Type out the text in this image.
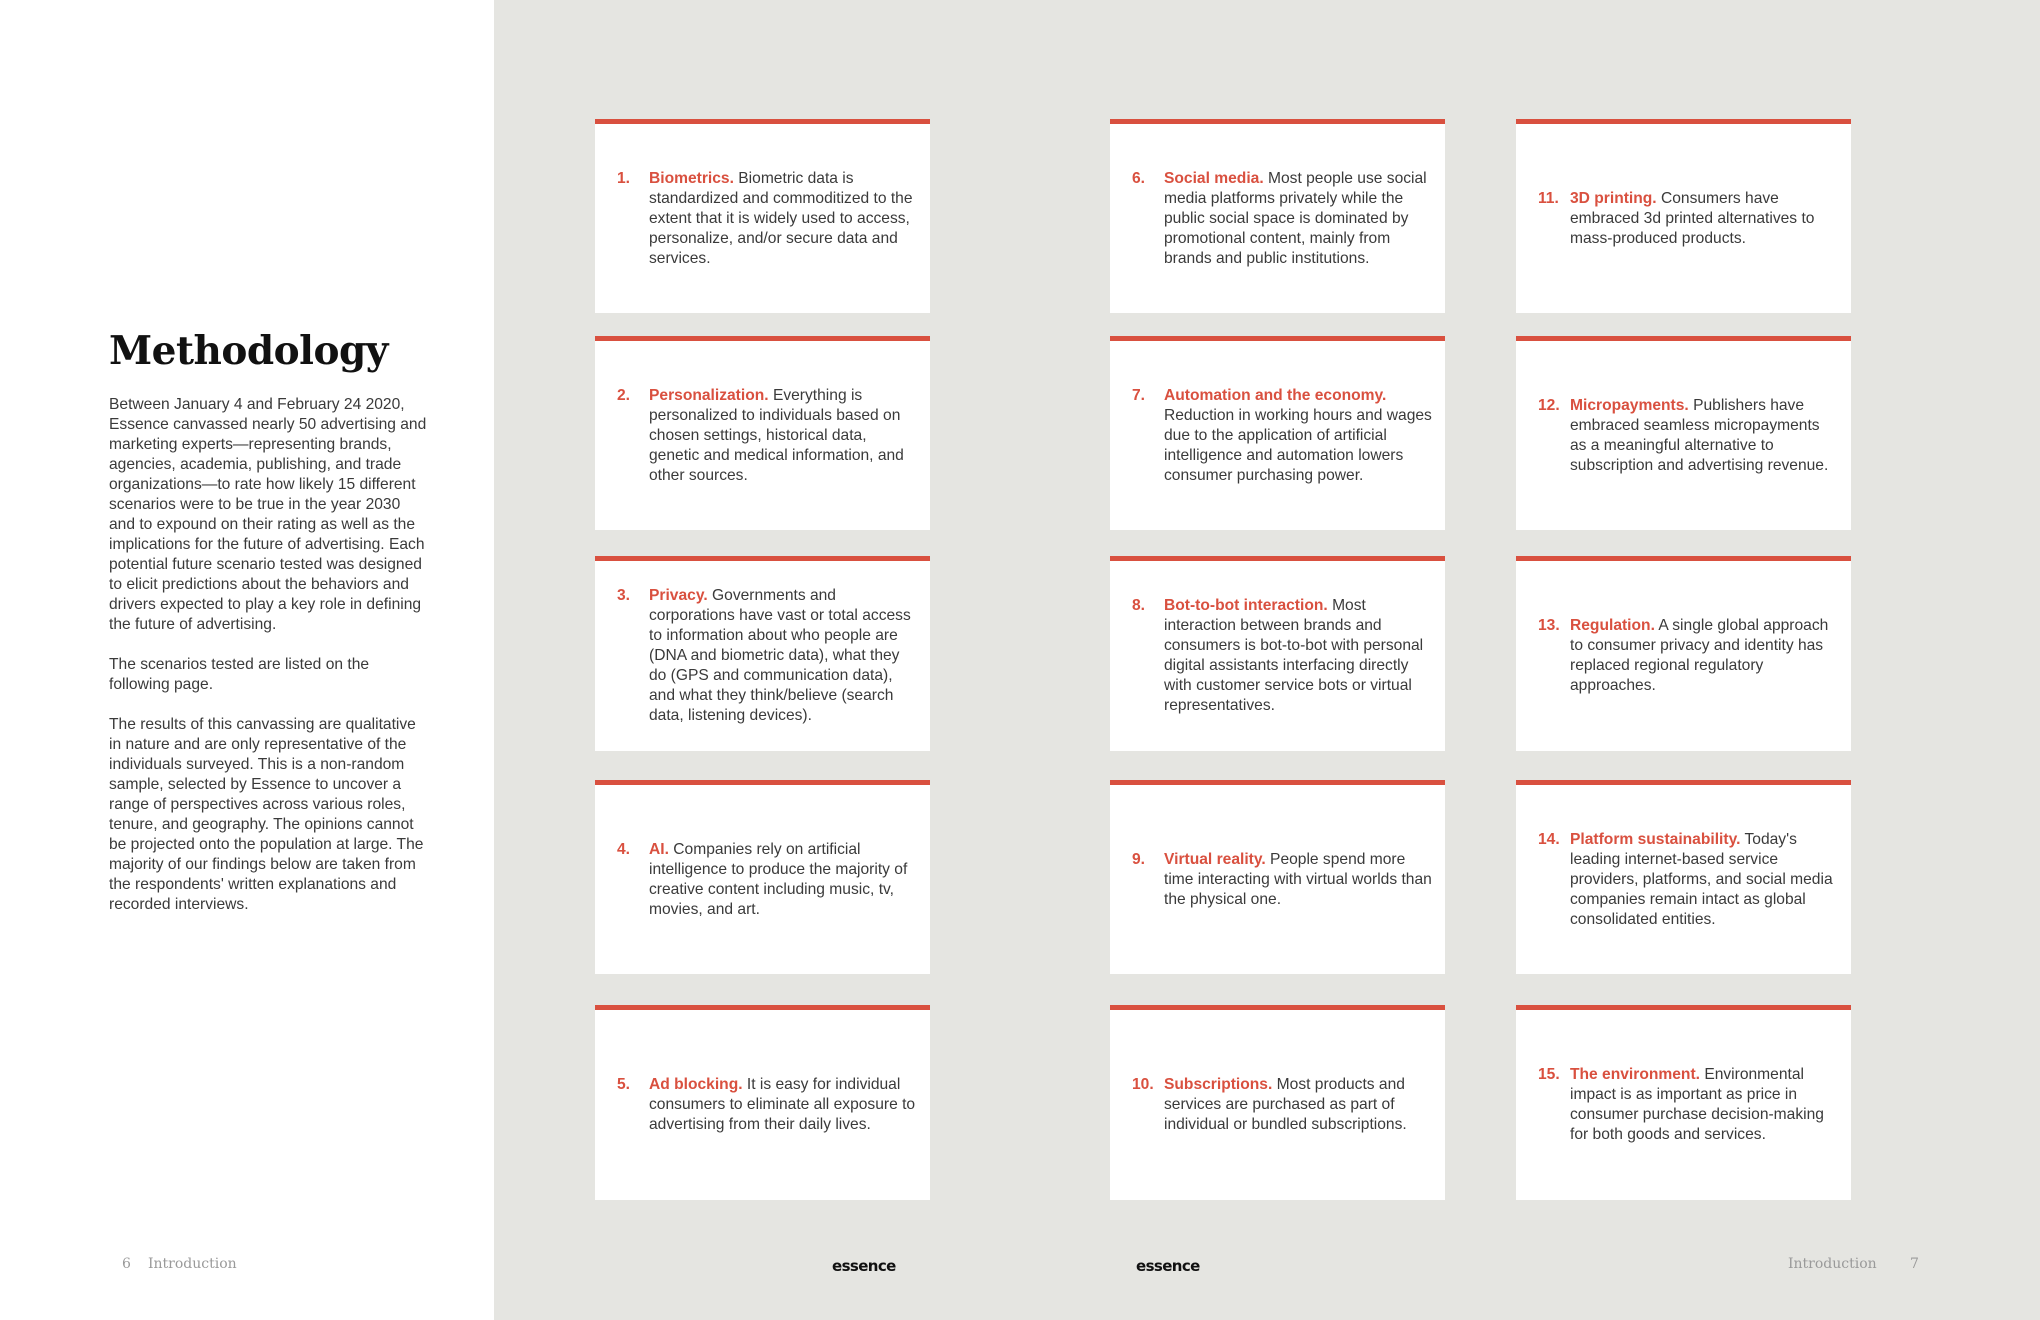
Methodology

Between January 4 and February 24 2020, Essence canvassed nearly 50 advertising and marketing experts—representing brands, agencies, academia, publishing, and trade organizations—to rate how likely 15 different scenarios were to be true in the year 2030 and to expound on their rating as well as the implications for the future of advertising. Each potential future scenario tested was designed to elicit predictions about the behaviors and drivers expected to play a key role in defining the future of advertising.

The scenarios tested are listed on the following page.

The results of this canvassing are qualitative in nature and are only representative of the individuals surveyed. This is a non-random sample, selected by Essence to uncover a range of perspectives across various roles, tenure, and geography. The opinions cannot be projected onto the population at large. The majority of our findings below are taken from the respondents' written explanations and recorded interviews.

6 Introduction	essence	essence	Introduction 7
1.	Biometrics. Biometric data is standardized and commoditized to the extent that it is widely used to access, personalize, and/or secure data and services.
2.	Personalization. Everything is personalized to individuals based on chosen settings, historical data, genetic and medical information, and other sources.
3.	Privacy. Governments and corporations have vast or total access to information about who people are (DNA and biometric data), what they do (GPS and communication data), and what they think/believe (search data, listening devices).
4.	AI. Companies rely on artificial intelligence to produce the majority of creative content including music, tv, movies, and art.
5.	Ad blocking. It is easy for individual consumers to eliminate all exposure to advertising from their daily lives.
6.	Social media. Most people use social media platforms privately while the public social space is dominated by promotional content, mainly from brands and public institutions.
7.	Automation and the economy. Reduction in working hours and wages due to the application of artificial intelligence and automation lowers consumer purchasing power.
8.	Bot-to-bot interaction. Most interaction between brands and consumers is bot-to-bot with personal digital assistants interfacing directly with customer service bots or virtual representatives.
9.	Virtual reality. People spend more time interacting with virtual worlds than the physical one.
10. Subscriptions. Most products and services are purchased as part of individual or bundled subscriptions.
11. 3D printing. Consumers have embraced 3d printed alternatives to mass-produced products.
12. Micropayments. Publishers have embraced seamless micropayments as a meaningful alternative to subscription and advertising revenue.
13. Regulation. A single global approach to consumer privacy and identity has replaced regional regulatory approaches.
14. Platform sustainability. Today's leading internet-based service providers, platforms, and social media companies remain intact as global consolidated entities.
15. The environment. Environmental impact is as important as price in consumer purchase decision-making for both goods and services.
